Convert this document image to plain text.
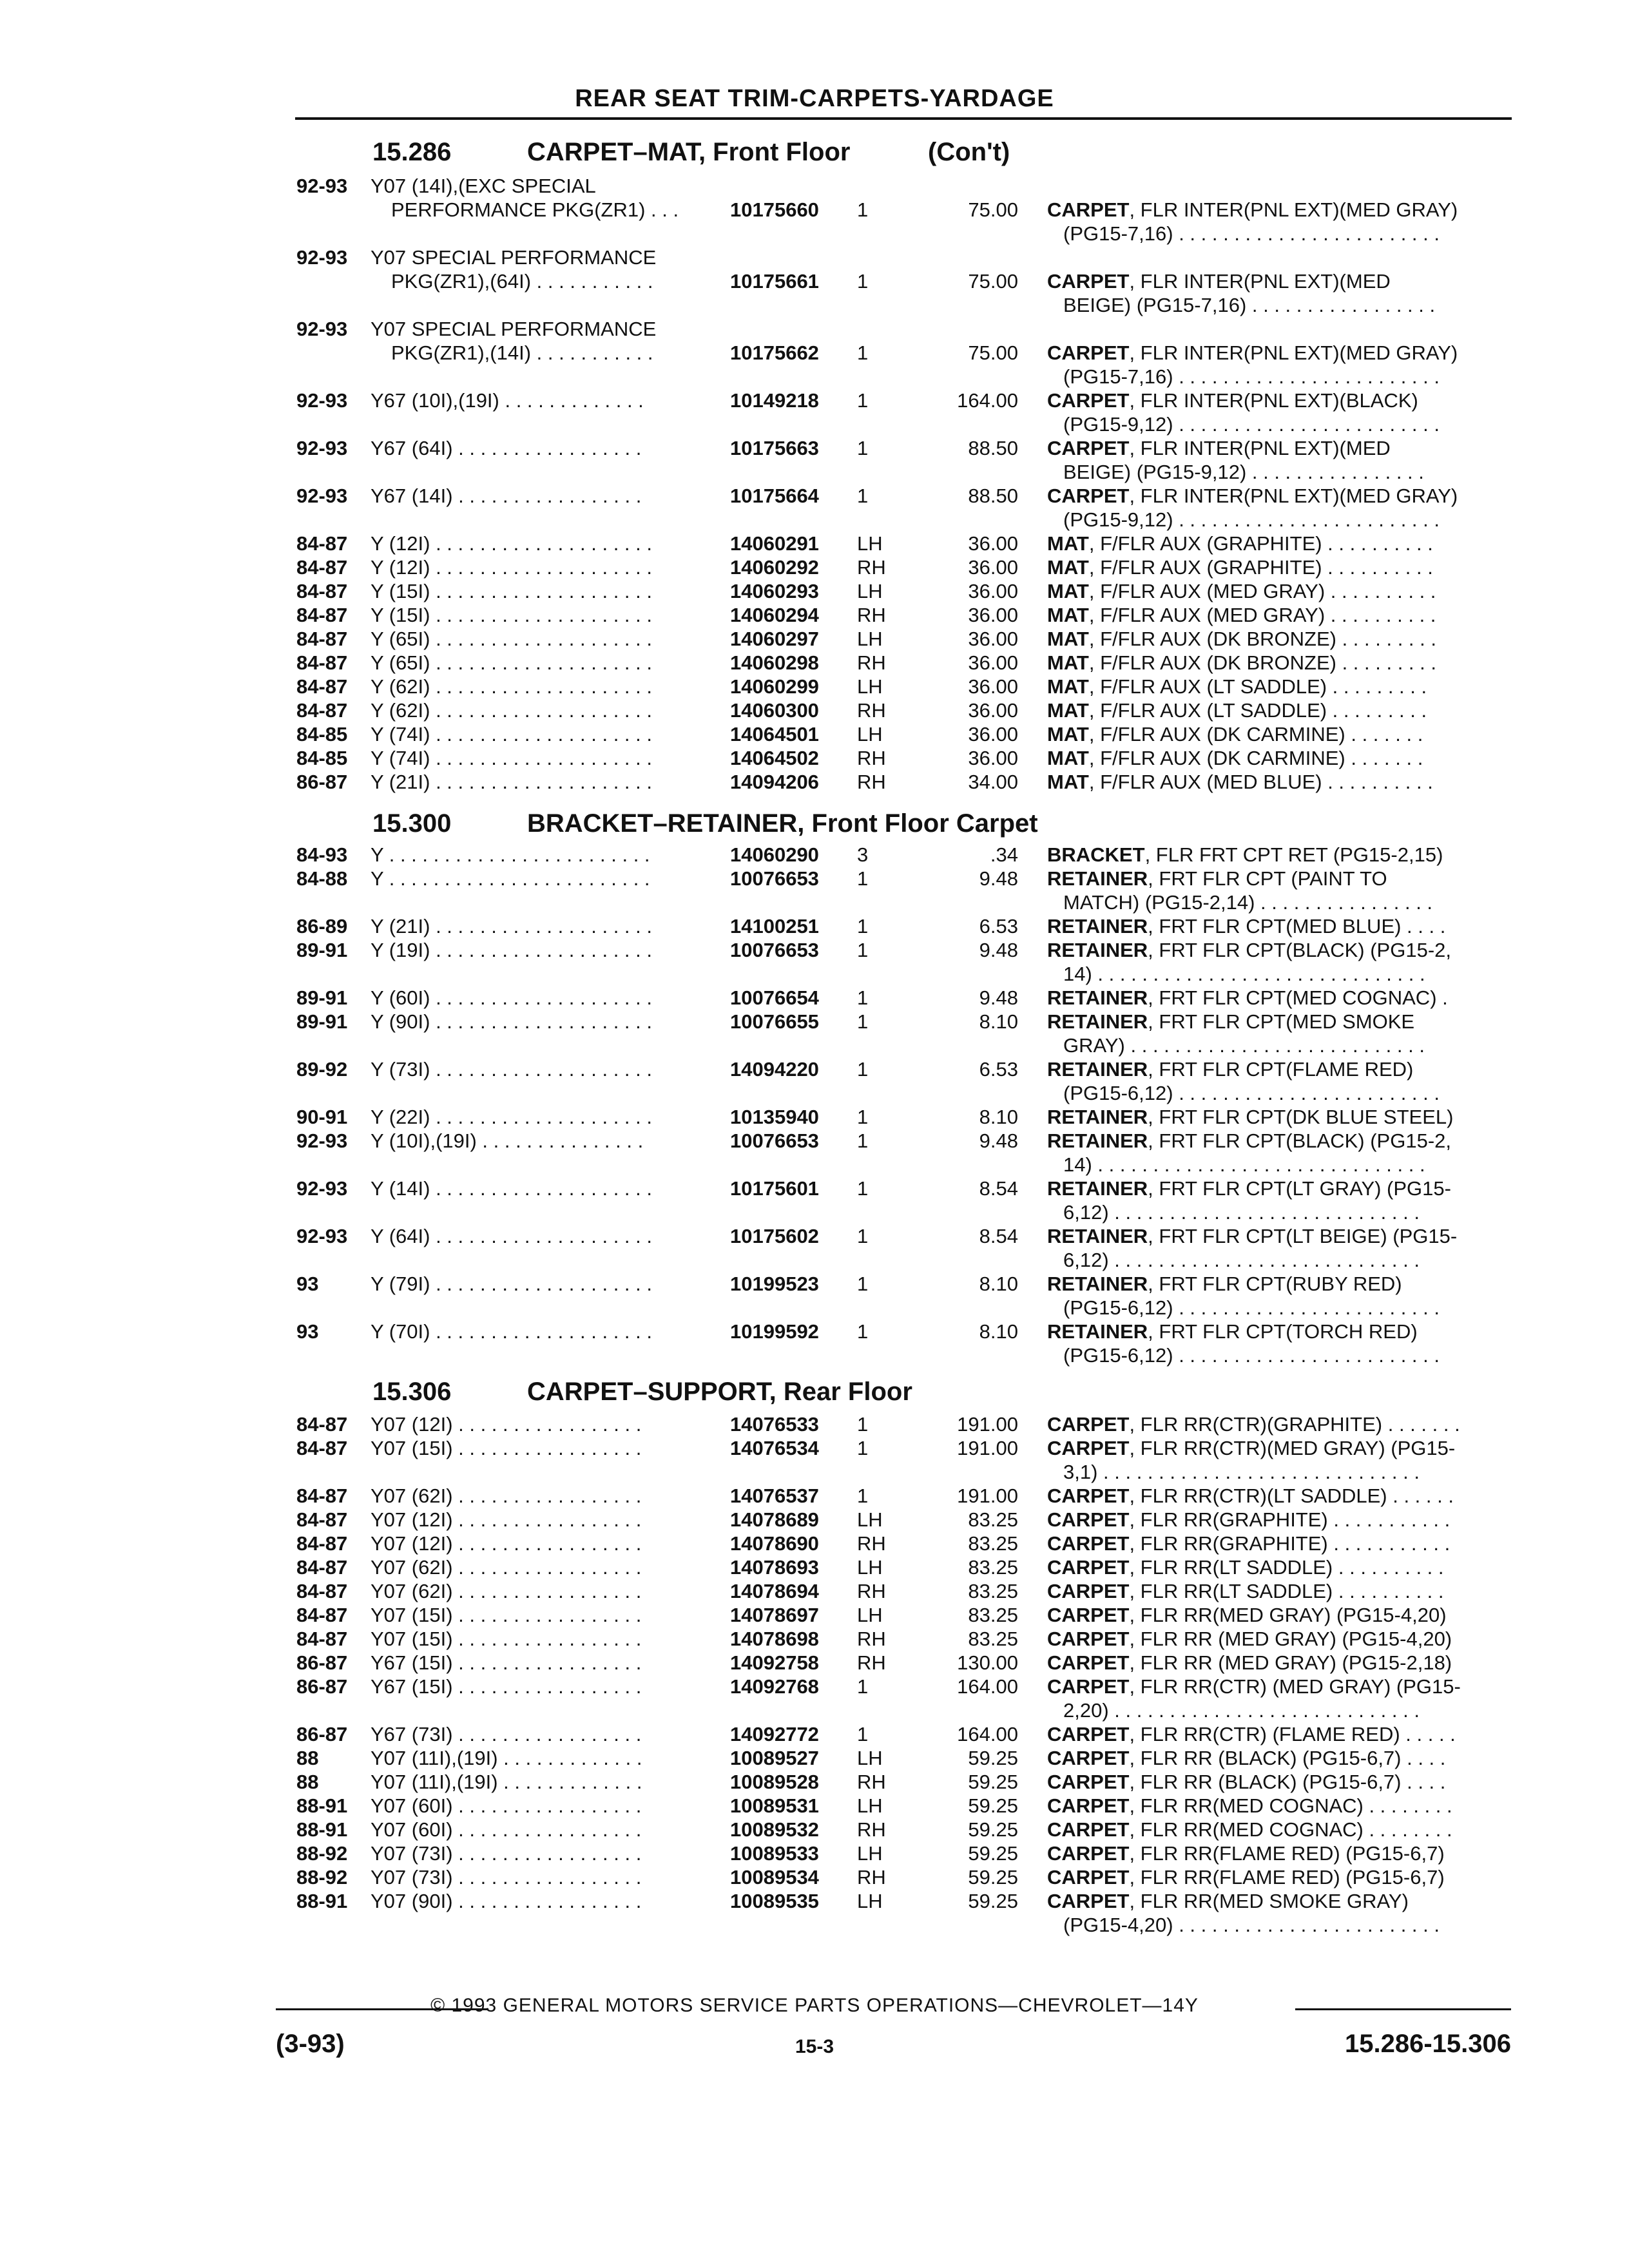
REAR SEAT TRIM-CARPETS-YARDAGE
15.286	CARPET–MAT, Front Floor	(Con't)
92-93	Y07 (14I),(EXC SPECIAL
PERFORMANCE PKG(ZR1) . . .	10175660 1	75.00 CARPET, FLR INTER(PNL EXT)(MED GRAY)
(PG15-7,16) . . . . . . . . . . . . . . . . . . . . . . . .
92-93	Y07 SPECIAL PERFORMANCE
PKG(ZR1),(64I) . . . . . . . . . . .	10175661 1	75.00 CARPET, FLR INTER(PNL EXT)(MED
BEIGE) (PG15-7,16) . . . . . . . . . . . . . . . . .
92-93	Y07 SPECIAL PERFORMANCE
PKG(ZR1),(14I) . . . . . . . . . . .	10175662 1	75.00 CARPET, FLR INTER(PNL EXT)(MED GRAY)
(PG15-7,16) . . . . . . . . . . . . . . . . . . . . . . . .
92-93	Y67 (10I),(19I) . . . . . . . . . . . . .	10149218 1	164.00 CARPET, FLR INTER(PNL EXT)(BLACK)
(PG15-9,12) . . . . . . . . . . . . . . . . . . . . . . . .
92-93	Y67 (64I) . . . . . . . . . . . . . . . . .	10175663 1	88.50 CARPET, FLR INTER(PNL EXT)(MED
BEIGE) (PG15-9,12) . . . . . . . . . . . . . . . .
92-93	Y67 (14I) . . . . . . . . . . . . . . . . .	10175664 1	88.50 CARPET, FLR INTER(PNL EXT)(MED GRAY)
(PG15-9,12) . . . . . . . . . . . . . . . . . . . . . . . .
84-87	Y (12I) . . . . . . . . . . . . . . . . . . . .	14060291 LH	36.00 MAT, F/FLR AUX (GRAPHITE) . . . . . . . . . .
84-87	Y (12I) . . . . . . . . . . . . . . . . . . . .	14060292 RH	36.00 MAT, F/FLR AUX (GRAPHITE) . . . . . . . . . .
84-87	Y (15I) . . . . . . . . . . . . . . . . . . . .	14060293 LH	36.00 MAT, F/FLR AUX (MED GRAY) . . . . . . . . . .
84-87	Y (15I) . . . . . . . . . . . . . . . . . . . .	14060294 RH	36.00 MAT, F/FLR AUX (MED GRAY) . . . . . . . . . .
84-87	Y (65I) . . . . . . . . . . . . . . . . . . . .	14060297 LH	36.00 MAT, F/FLR AUX (DK BRONZE) . . . . . . . . .
84-87	Y (65I) . . . . . . . . . . . . . . . . . . . .	14060298 RH	36.00 MAT, F/FLR AUX (DK BRONZE) . . . . . . . . .
84-87	Y (62I) . . . . . . . . . . . . . . . . . . . .	14060299 LH	36.00 MAT, F/FLR AUX (LT SADDLE) . . . . . . . . .
84-87	Y (62I) . . . . . . . . . . . . . . . . . . . .	14060300 RH	36.00 MAT, F/FLR AUX (LT SADDLE) . . . . . . . . .
84-85	Y (74I) . . . . . . . . . . . . . . . . . . . .	14064501 LH	36.00 MAT, F/FLR AUX (DK CARMINE) . . . . . . .
84-85	Y (74I) . . . . . . . . . . . . . . . . . . . .	14064502 RH	36.00 MAT, F/FLR AUX (DK CARMINE) . . . . . . .
86-87	Y (21I) . . . . . . . . . . . . . . . . . . . .	14094206 RH	34.00 MAT, F/FLR AUX (MED BLUE) . . . . . . . . . .
15.300	BRACKET–RETAINER, Front Floor Carpet
84-93	Y . . . . . . . . . . . . . . . . . . . . . . . .	14060290 3	.34 BRACKET, FLR FRT CPT RET (PG15-2,15)
84-88	Y . . . . . . . . . . . . . . . . . . . . . . . .	10076653 1	9.48 RETAINER, FRT FLR CPT (PAINT TO
MATCH) (PG15-2,14) . . . . . . . . . . . . . . . .
86-89	Y (21I) . . . . . . . . . . . . . . . . . . . .	14100251 1	6.53 RETAINER, FRT FLR CPT(MED BLUE) . . . .
89-91	Y (19I) . . . . . . . . . . . . . . . . . . . .	10076653 1	9.48 RETAINER, FRT FLR CPT(BLACK) (PG15-2,
14) . . . . . . . . . . . . . . . . . . . . . . . . . . . . . .
89-91	Y (60I) . . . . . . . . . . . . . . . . . . . .	10076654 1	9.48 RETAINER, FRT FLR CPT(MED COGNAC) .
89-91	Y (90I) . . . . . . . . . . . . . . . . . . . .	10076655 1	8.10 RETAINER, FRT FLR CPT(MED SMOKE
GRAY) . . . . . . . . . . . . . . . . . . . . . . . . . . .
89-92	Y (73I) . . . . . . . . . . . . . . . . . . . .	14094220 1	6.53 RETAINER, FRT FLR CPT(FLAME RED)
(PG15-6,12) . . . . . . . . . . . . . . . . . . . . . . . .
90-91	Y (22I) . . . . . . . . . . . . . . . . . . . .	10135940 1	8.10 RETAINER, FRT FLR CPT(DK BLUE STEEL)
92-93	Y (10I),(19I) . . . . . . . . . . . . . . .	10076653 1	9.48 RETAINER, FRT FLR CPT(BLACK) (PG15-2,
14) . . . . . . . . . . . . . . . . . . . . . . . . . . . . . .
92-93	Y (14I) . . . . . . . . . . . . . . . . . . . .	10175601 1	8.54 RETAINER, FRT FLR CPT(LT GRAY) (PG15-
6,12) . . . . . . . . . . . . . . . . . . . . . . . . . . . .
92-93	Y (64I) . . . . . . . . . . . . . . . . . . . .	10175602 1	8.54 RETAINER, FRT FLR CPT(LT BEIGE) (PG15-
6,12) . . . . . . . . . . . . . . . . . . . . . . . . . . . .
93	Y (79I) . . . . . . . . . . . . . . . . . . . .	10199523 1	8.10 RETAINER, FRT FLR CPT(RUBY RED)
(PG15-6,12) . . . . . . . . . . . . . . . . . . . . . . . .
93	Y (70I) . . . . . . . . . . . . . . . . . . . .	10199592 1	8.10 RETAINER, FRT FLR CPT(TORCH RED)
(PG15-6,12) . . . . . . . . . . . . . . . . . . . . . . . .
15.306	CARPET–SUPPORT, Rear Floor
84-87	Y07 (12I) . . . . . . . . . . . . . . . . .	14076533 1	191.00 CARPET, FLR RR(CTR)(GRAPHITE) . . . . . . .
84-87	Y07 (15I) . . . . . . . . . . . . . . . . .	14076534 1	191.00 CARPET, FLR RR(CTR)(MED GRAY) (PG15-
3,1) . . . . . . . . . . . . . . . . . . . . . . . . . . . . .
84-87	Y07 (62I) . . . . . . . . . . . . . . . . .	14076537 1	191.00 CARPET, FLR RR(CTR)(LT SADDLE) . . . . . .
84-87	Y07 (12I) . . . . . . . . . . . . . . . . .	14078689 LH	83.25 CARPET, FLR RR(GRAPHITE) . . . . . . . . . . .
84-87	Y07 (12I) . . . . . . . . . . . . . . . . .	14078690 RH	83.25 CARPET, FLR RR(GRAPHITE) . . . . . . . . . . .
84-87	Y07 (62I) . . . . . . . . . . . . . . . . .	14078693 LH	83.25 CARPET, FLR RR(LT SADDLE) . . . . . . . . . .
84-87	Y07 (62I) . . . . . . . . . . . . . . . . .	14078694 RH	83.25 CARPET, FLR RR(LT SADDLE) . . . . . . . . . .
84-87	Y07 (15I) . . . . . . . . . . . . . . . . .	14078697 LH	83.25 CARPET, FLR RR(MED GRAY) (PG15-4,20)
84-87	Y07 (15I) . . . . . . . . . . . . . . . . .	14078698 RH	83.25 CARPET, FLR RR (MED GRAY) (PG15-4,20)
86-87	Y67 (15I) . . . . . . . . . . . . . . . . .	14092758 RH	130.00 CARPET, FLR RR (MED GRAY) (PG15-2,18)
86-87	Y67 (15I) . . . . . . . . . . . . . . . . .	14092768 1	164.00 CARPET, FLR RR(CTR) (MED GRAY) (PG15-
2,20) . . . . . . . . . . . . . . . . . . . . . . . . . . . .
86-87	Y67 (73I) . . . . . . . . . . . . . . . . .	14092772 1	164.00 CARPET, FLR RR(CTR) (FLAME RED) . . . . .
88	Y07 (11I),(19I) . . . . . . . . . . . . .	10089527 LH	59.25 CARPET, FLR RR (BLACK) (PG15-6,7) . . . .
88	Y07 (11I),(19I) . . . . . . . . . . . . .	10089528 RH	59.25 CARPET, FLR RR (BLACK) (PG15-6,7) . . . .
88-91	Y07 (60I) . . . . . . . . . . . . . . . . .	10089531 LH	59.25 CARPET, FLR RR(MED COGNAC) . . . . . . . .
88-91	Y07 (60I) . . . . . . . . . . . . . . . . .	10089532 RH	59.25 CARPET, FLR RR(MED COGNAC) . . . . . . . .
88-92	Y07 (73I) . . . . . . . . . . . . . . . . .	10089533 LH	59.25 CARPET, FLR RR(FLAME RED) (PG15-6,7)
88-92	Y07 (73I) . . . . . . . . . . . . . . . . .	10089534 RH	59.25 CARPET, FLR RR(FLAME RED) (PG15-6,7)
88-91	Y07 (90I) . . . . . . . . . . . . . . . . .	10089535 LH	59.25 CARPET, FLR RR(MED SMOKE GRAY)
(PG15-4,20) . . . . . . . . . . . . . . . . . . . . . . . .
© 1993 GENERAL MOTORS SERVICE PARTS OPERATIONS—CHEVROLET—14Y
(3-93)	15-3	15.286-15.306
